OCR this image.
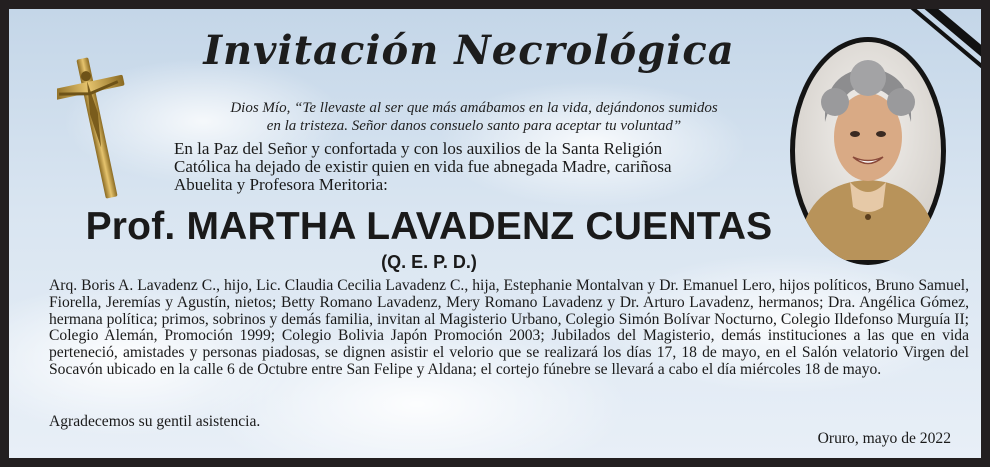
Invitación Necrológica
Dios Mío, “Te llevaste al ser que más amábamos en la vida, dejándonos sumidos
en la tristeza. Señor danos consuelo santo para aceptar tu voluntad”
En la Paz del Señor y confortada y con los auxilios de la Santa Religión
Católica ha dejado de existir quien en vida fue abnegada Madre, cariñosa
Abuelita y Profesora Meritoria:
Prof. MARTHA LAVADENZ CUENTAS
(Q. E. P. D.)

Arq. Boris A. Lavadenz C., hijo, Lic. Claudia Cecilia Lavadenz C., hija, Estephanie Montalvan y Dr. Emanuel Lero, hijos políticos, Bruno Samuel, Fiorella, Jeremías y Agustín, nietos; Betty Romano Lavadenz, Mery Romano Lavadenz y Dr. Arturo Lavadenz, hermanos; Dra. Angélica Gómez, hermana política; primos, sobrinos y demás familia, invitan al Magisterio Urbano, Colegio Simón Bolívar Nocturno, Colegio Ildefonso Murguía II; Colegio Alemán, Promoción 1999; Colegio Bolivia Japón Promoción 2003; Jubilados del Magisterio, demás instituciones a las que en vida perteneció, amistades y personas piadosas, se dignen asistir el velorio que se realizará los días 17, 18 de mayo, en el Salón velatorio Virgen del Socavón ubicado en la calle 6 de Octubre entre San Felipe y Aldana; el cortejo fúnebre se llevará a cabo el día miércoles 18 de mayo.

Agradecemos su gentil asistencia.
Oruro, mayo de 2022
